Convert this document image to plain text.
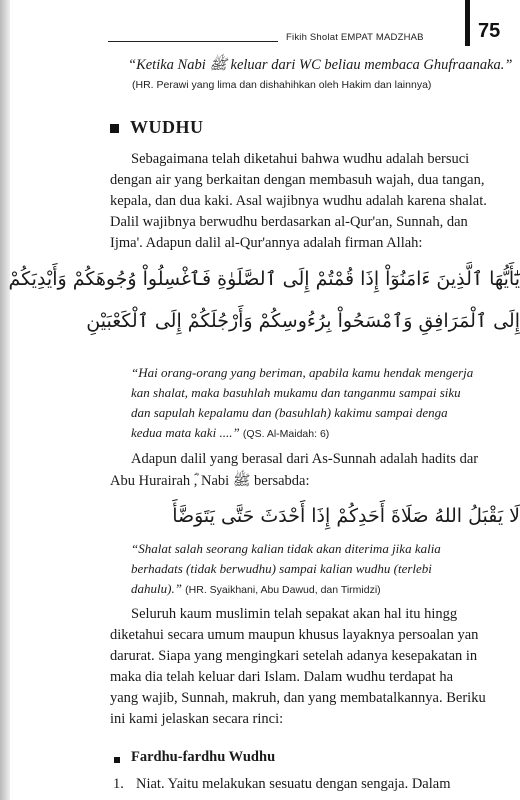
Fikih Sholat EMPAT MADZHAB	75
“Ketika Nabi ﷺ keluar dari WC beliau membaca Ghufraanaka.”
(HR. Perawi yang lima dan dishahihkan oleh Hakim dan lainnya)
WUDHU
Sebagaimana telah diketahui bahwa wudhu adalah bersuci
dengan air yang berkaitan dengan membasuh wajah, dua tangan,
kepala, dan dua kaki. Asal wajibnya wudhu adalah karena shalat.
Dalil wajibnya berwudhu berdasarkan al-Qur'an, Sunnah, dan
Ijma'. Adapun dalil al-Qur'annya adalah firman Allah:
يَٰٓأَيُّهَا ٱلَّذِينَ ءَامَنُوٓاْ إِذَا قُمْتُمْ إِلَى ٱلصَّلَوٰةِ فَٱغْسِلُواْ وُجُوهَكُمْ وَأَيْدِيَكُمْ
إِلَى ٱلْمَرَافِقِ وَٱمْسَحُواْ بِرُءُوسِكُمْ وَأَرْجُلَكُمْ إِلَى ٱلْكَعْبَيْنِ
“Hai orang-orang yang beriman, apabila kamu hendak mengerja
kan shalat, maka basuhlah mukamu dan tanganmu sampai siku
dan sapulah kepalamu dan (basuhlah) kakimu sampai denga
kedua mata kaki ....” (QS. Al-Maidah: 6)
Adapun dalil yang berasal dari As-Sunnah adalah hadits dar
Abu Hurairah ؓ, Nabi ﷺ bersabda:
لَا يَقْبَلُ اللهُ صَلَاةَ أَحَدِكُمْ إِذَا أَحْدَثَ حَتَّى يَتَوَضَّأَ
“Shalat salah seorang kalian tidak akan diterima jika kalia
berhadats (tidak berwudhu) sampai kalian wudhu (terlebi
dahulu).” (HR. Syaikhani, Abu Dawud, dan Tirmidzi)
Seluruh kaum muslimin telah sepakat akan hal itu hingg
diketahui secara umum maupun khusus layaknya persoalan yan
darurat. Siapa yang mengingkari setelah adanya kesepakatan in
maka dia telah keluar dari Islam. Dalam wudhu terdapat ha
yang wajib, Sunnah, makruh, dan yang membatalkannya. Beriku
ini kami jelaskan secara rinci:
Fardhu-fardhu Wudhu
1. Niat. Yaitu melakukan sesuatu dengan sengaja. Dalam
